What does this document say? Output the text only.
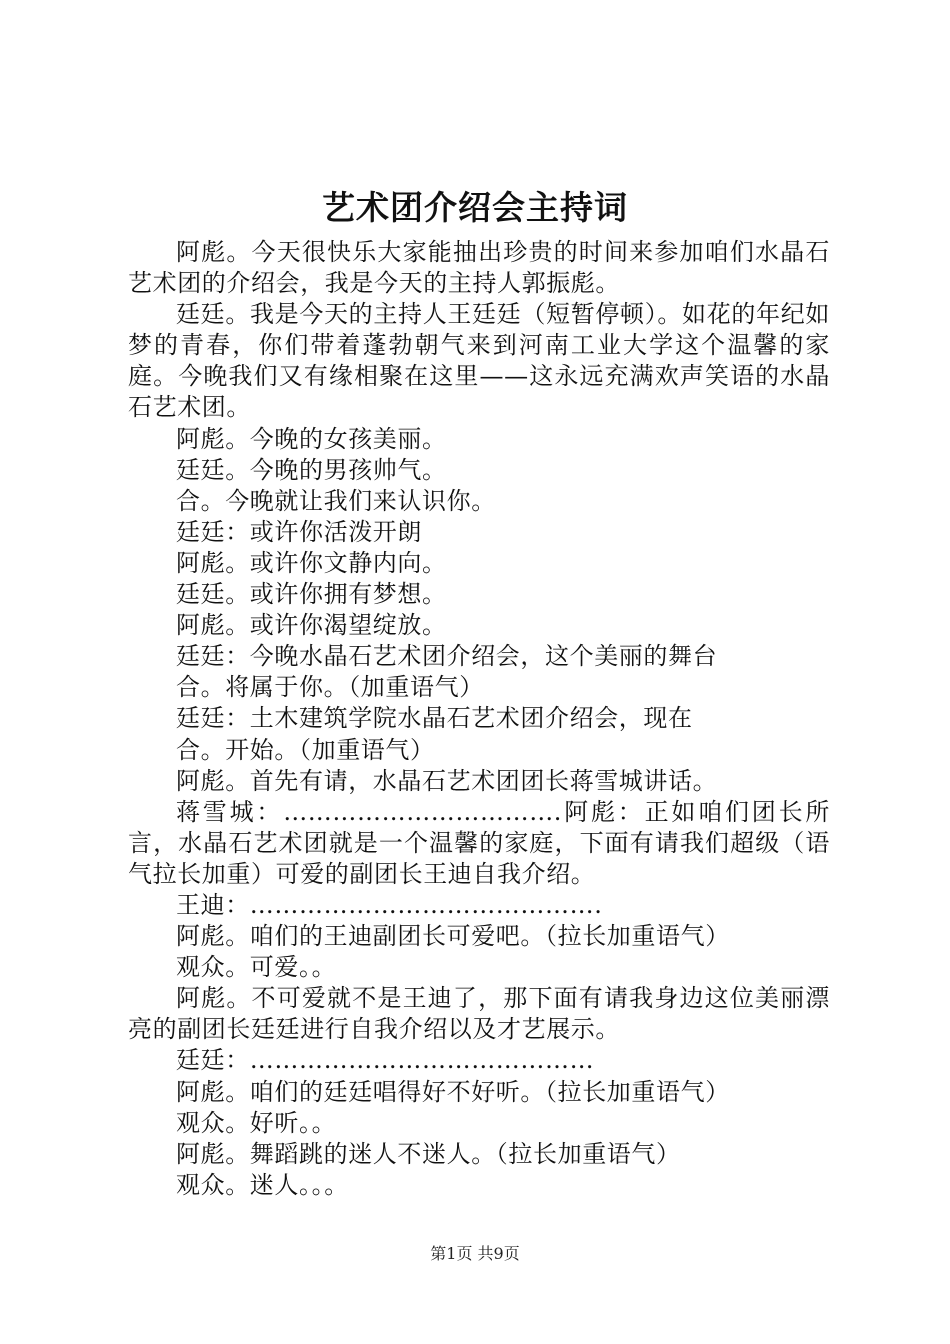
艺术团介绍会主持词

阿彪。今天很快乐大家能抽出珍贵的时间来参加咱们水晶石艺术团的介绍会，我是今天的主持人郭振彪。

廷廷。我是今天的主持人王廷廷（短暂停顿）。如花的年纪如梦的青春，你们带着蓬勃朝气来到河南工业大学这个温馨的家庭。今晚我们又有缘相聚在这里——这永远充满欢声笑语的水晶石艺术团。

阿彪。今晚的女孩美丽。

廷廷。今晚的男孩帅气。

合。今晚就让我们来认识你。

廷廷：或许你活泼开朗

阿彪。或许你文静内向。

廷廷。或许你拥有梦想。

阿彪。或许你渴望绽放。

廷廷：今晚水晶石艺术团介绍会，这个美丽的舞台

合。将属于你。（加重语气）

廷廷：土木建筑学院水晶石艺术团介绍会，现在

合。开始。（加重语气）

阿彪。首先有请，水晶石艺术团团长蒋雪城讲话。

蒋雪城：…………………………….阿彪：正如咱们团长所言，水晶石艺术团就是一个温馨的家庭，下面有请我们超级（语气拉长加重）可爱的副团长王迪自我介绍。

王迪：…………………………………….

阿彪。咱们的王迪副团长可爱吧。（拉长加重语气）

观众。可爱。。

阿彪。不可爱就不是王迪了，那下面有请我身边这位美丽漂亮的副团长廷廷进行自我介绍以及才艺展示。

廷廷：……………………………………

阿彪。咱们的廷廷唱得好不好听。（拉长加重语气）

观众。好听。。

阿彪。舞蹈跳的迷人不迷人。（拉长加重语气）

观众。迷人。。。

第1页 共9页
